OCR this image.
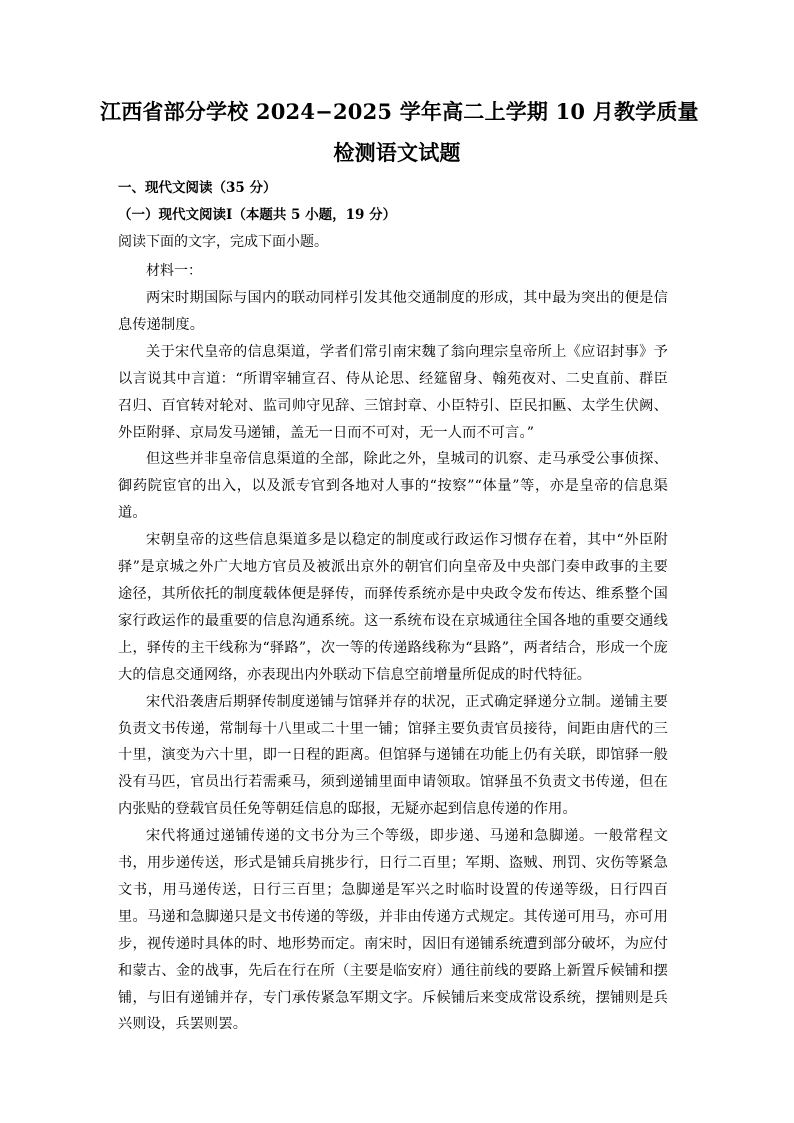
江西省部分学校 2024−2025 学年高二上学期 10 月教学质量
检测语文试题
一、现代文阅读（35 分）
（一）现代文阅读Ⅰ（本题共 5 小题，19 分）
阅读下面的文字，完成下面小题。
材料一：

两宋时期国际与国内的联动同样引发其他交通制度的形成，其中最为突出的便是信息传递制度。

关于宋代皇帝的信息渠道，学者们常引南宋魏了翁向理宗皇帝所上《应诏封事》予以言说其中言道：“所谓宰辅宣召、侍从论思、经筵留身、翰苑夜对、二史直前、群臣召归、百官转对轮对、监司帅守见辞、三馆封章、小臣特引、臣民扣匭、太学生伏阙、外臣附驿、京局发马递铺，盖无一日而不可对，无一人而不可言。”

但这些并非皇帝信息渠道的全部，除此之外，皇城司的讥察、走马承受公事侦探、御药院宦官的出入，以及派专官到各地对人事的“按察”“体量”等，亦是皇帝的信息渠道。

宋朝皇帝的这些信息渠道多是以稳定的制度或行政运作习惯存在着，其中“外臣附驿”是京城之外广大地方官员及被派出京外的朝官们向皇帝及中央部门奏申政事的主要途径，其所依托的制度载体便是驿传，而驿传系统亦是中央政令发布传达、维系整个国家行政运作的最重要的信息沟通系统。这一系统布设在京城通往全国各地的重要交通线上，驿传的主干线称为“驿路”，次一等的传递路线称为“县路”，两者结合，形成一个庞大的信息交通网络，亦表现出内外联动下信息空前增量所促成的时代特征。

宋代沿袭唐后期驿传制度递铺与馆驿并存的状况，正式确定驿递分立制。递铺主要负责文书传递，常制每十八里或二十里一铺；馆驿主要负责官员接待，间距由唐代的三十里，演变为六十里，即一日程的距离。但馆驿与递铺在功能上仍有关联，即馆驿一般没有马匹，官员出行若需乘马，须到递铺里面申请领取。馆驿虽不负责文书传递，但在内张贴的登载官员任免等朝廷信息的邸报，无疑亦起到信息传递的作用。

宋代将通过递铺传递的文书分为三个等级，即步递、马递和急脚递。一般常程文书，用步递传送，形式是铺兵肩挑步行，日行二百里；军期、盗贼、刑罚、灾伤等紧急文书，用马递传送，日行三百里；急脚递是军兴之时临时设置的传递等级，日行四百里。马递和急脚递只是文书传递的等级，并非由传递方式规定。其传递可用马，亦可用步，视传递时具体的时、地形势而定。南宋时，因旧有递铺系统遭到部分破坏，为应付和蒙古、金的战事，先后在行在所（主要是临安府）通往前线的要路上新置斥候铺和摆铺，与旧有递铺并存，专门承传紧急军期文字。斥候铺后来变成常设系统，摆铺则是兵兴则设，兵罢则罢。
